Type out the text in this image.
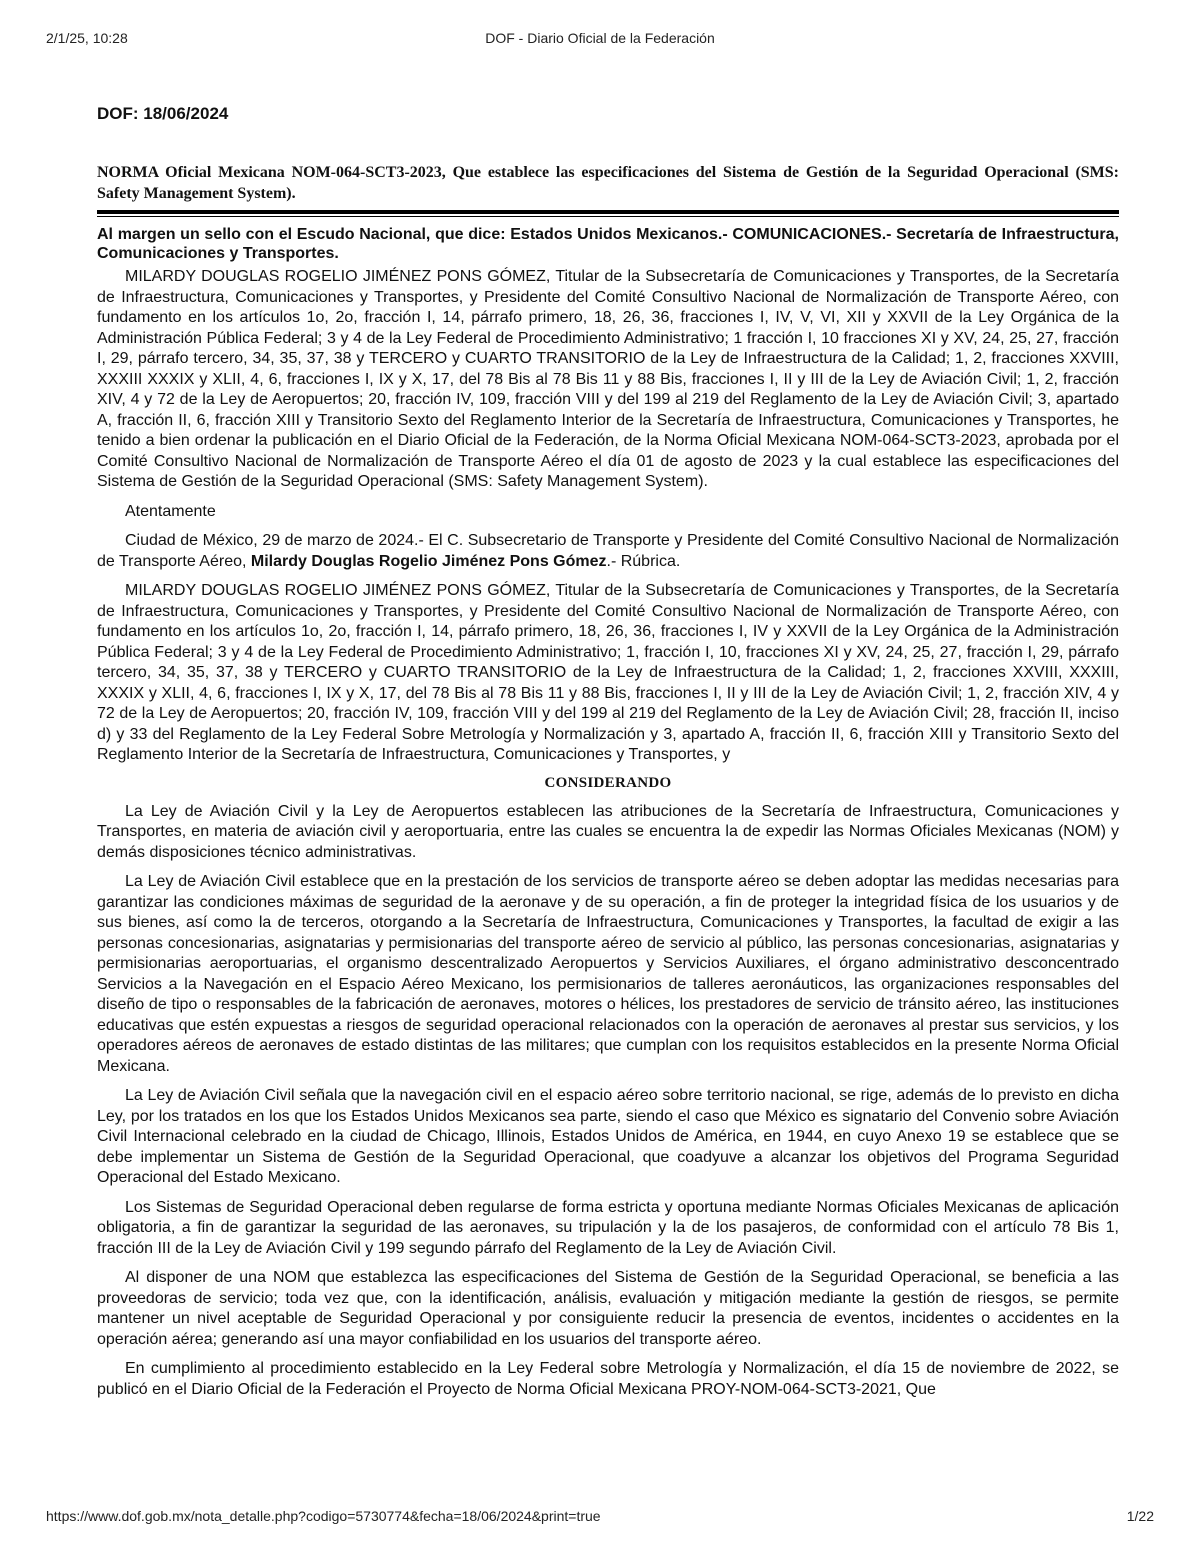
2/1/25, 10:28	DOF - Diario Oficial de la Federación
DOF: 18/06/2024
NORMA Oficial Mexicana NOM-064-SCT3-2023, Que establece las especificaciones del Sistema de Gestión de la Seguridad Operacional (SMS: Safety Management System).
Al margen un sello con el Escudo Nacional, que dice: Estados Unidos Mexicanos.- COMUNICACIONES.- Secretaría de Infraestructura, Comunicaciones y Transportes.

MILARDY DOUGLAS ROGELIO JIMÉNEZ PONS GÓMEZ, Titular de la Subsecretaría de Comunicaciones y Transportes, de la Secretaría de Infraestructura, Comunicaciones y Transportes, y Presidente del Comité Consultivo Nacional de Normalización de Transporte Aéreo, con fundamento en los artículos 1o, 2o, fracción I, 14, párrafo primero, 18, 26, 36, fracciones I, IV, V, VI, XII y XXVII de la Ley Orgánica de la Administración Pública Federal; 3 y 4 de la Ley Federal de Procedimiento Administrativo; 1 fracción I, 10 fracciones XI y XV, 24, 25, 27, fracción I, 29, párrafo tercero, 34, 35, 37, 38 y TERCERO y CUARTO TRANSITORIO de la Ley de Infraestructura de la Calidad; 1, 2, fracciones XXVIII, XXXIII XXXIX y XLII, 4, 6, fracciones I, IX y X, 17, del 78 Bis al 78 Bis 11 y 88 Bis, fracciones I, II y III de la Ley de Aviación Civil; 1, 2, fracción XIV, 4 y 72 de la Ley de Aeropuertos; 20, fracción IV, 109, fracción VIII y del 199 al 219 del Reglamento de la Ley de Aviación Civil; 3, apartado A, fracción II, 6, fracción XIII y Transitorio Sexto del Reglamento Interior de la Secretaría de Infraestructura, Comunicaciones y Transportes, he tenido a bien ordenar la publicación en el Diario Oficial de la Federación, de la Norma Oficial Mexicana NOM-064-SCT3-2023, aprobada por el Comité Consultivo Nacional de Normalización de Transporte Aéreo el día 01 de agosto de 2023 y la cual establece las especificaciones del Sistema de Gestión de la Seguridad Operacional (SMS: Safety Management System).

Atentamente

Ciudad de México, 29 de marzo de 2024.- El C. Subsecretario de Transporte y Presidente del Comité Consultivo Nacional de Normalización de Transporte Aéreo, Milardy Douglas Rogelio Jiménez Pons Gómez.- Rúbrica.

MILARDY DOUGLAS ROGELIO JIMÉNEZ PONS GÓMEZ, Titular de la Subsecretaría de Comunicaciones y Transportes, de la Secretaría de Infraestructura, Comunicaciones y Transportes, y Presidente del Comité Consultivo Nacional de Normalización de Transporte Aéreo, con fundamento en los artículos 1o, 2o, fracción I, 14, párrafo primero, 18, 26, 36, fracciones I, IV y XXVII de la Ley Orgánica de la Administración Pública Federal; 3 y 4 de la Ley Federal de Procedimiento Administrativo; 1, fracción I, 10, fracciones XI y XV, 24, 25, 27, fracción I, 29, párrafo tercero, 34, 35, 37, 38 y TERCERO y CUARTO TRANSITORIO de la Ley de Infraestructura de la Calidad; 1, 2, fracciones XXVIII, XXXIII, XXXIX y XLII, 4, 6, fracciones I, IX y X, 17, del 78 Bis al 78 Bis 11 y 88 Bis, fracciones I, II y III de la Ley de Aviación Civil; 1, 2, fracción XIV, 4 y 72 de la Ley de Aeropuertos; 20, fracción IV, 109, fracción VIII y del 199 al 219 del Reglamento de la Ley de Aviación Civil; 28, fracción II, inciso d) y 33 del Reglamento de la Ley Federal Sobre Metrología y Normalización y 3, apartado A, fracción II, 6, fracción XIII y Transitorio Sexto del Reglamento Interior de la Secretaría de Infraestructura, Comunicaciones y Transportes, y

CONSIDERANDO

La Ley de Aviación Civil y la Ley de Aeropuertos establecen las atribuciones de la Secretaría de Infraestructura, Comunicaciones y Transportes, en materia de aviación civil y aeroportuaria, entre las cuales se encuentra la de expedir las Normas Oficiales Mexicanas (NOM) y demás disposiciones técnico administrativas.

La Ley de Aviación Civil establece que en la prestación de los servicios de transporte aéreo se deben adoptar las medidas necesarias para garantizar las condiciones máximas de seguridad de la aeronave y de su operación, a fin de proteger la integridad física de los usuarios y de sus bienes, así como la de terceros, otorgando a la Secretaría de Infraestructura, Comunicaciones y Transportes, la facultad de exigir a las personas concesionarias, asignatarias y permisionarias del transporte aéreo de servicio al público, las personas concesionarias, asignatarias y permisionarias aeroportuarias, el organismo descentralizado Aeropuertos y Servicios Auxiliares, el órgano administrativo desconcentrado Servicios a la Navegación en el Espacio Aéreo Mexicano, los permisionarios de talleres aeronáuticos, las organizaciones responsables del diseño de tipo o responsables de la fabricación de aeronaves, motores o hélices, los prestadores de servicio de tránsito aéreo, las instituciones educativas que estén expuestas a riesgos de seguridad operacional relacionados con la operación de aeronaves al prestar sus servicios, y los operadores aéreos de aeronaves de estado distintas de las militares; que cumplan con los requisitos establecidos en la presente Norma Oficial Mexicana.

La Ley de Aviación Civil señala que la navegación civil en el espacio aéreo sobre territorio nacional, se rige, además de lo previsto en dicha Ley, por los tratados en los que los Estados Unidos Mexicanos sea parte, siendo el caso que México es signatario del Convenio sobre Aviación Civil Internacional celebrado en la ciudad de Chicago, Illinois, Estados Unidos de América, en 1944, en cuyo Anexo 19 se establece que se debe implementar un Sistema de Gestión de la Seguridad Operacional, que coadyuve a alcanzar los objetivos del Programa Seguridad Operacional del Estado Mexicano.

Los Sistemas de Seguridad Operacional deben regularse de forma estricta y oportuna mediante Normas Oficiales Mexicanas de aplicación obligatoria, a fin de garantizar la seguridad de las aeronaves, su tripulación y la de los pasajeros, de conformidad con el artículo 78 Bis 1, fracción III de la Ley de Aviación Civil y 199 segundo párrafo del Reglamento de la Ley de Aviación Civil.

Al disponer de una NOM que establezca las especificaciones del Sistema de Gestión de la Seguridad Operacional, se beneficia a las proveedoras de servicio; toda vez que, con la identificación, análisis, evaluación y mitigación mediante la gestión de riesgos, se permite mantener un nivel aceptable de Seguridad Operacional y por consiguiente reducir la presencia de eventos, incidentes o accidentes en la operación aérea; generando así una mayor confiabilidad en los usuarios del transporte aéreo.

En cumplimiento al procedimiento establecido en la Ley Federal sobre Metrología y Normalización, el día 15 de noviembre de 2022, se publicó en el Diario Oficial de la Federación el Proyecto de Norma Oficial Mexicana PROY-NOM-064-SCT3-2021, Que

https://www.dof.gob.mx/nota_detalle.php?codigo=5730774&fecha=18/06/2024&print=true	1/22
